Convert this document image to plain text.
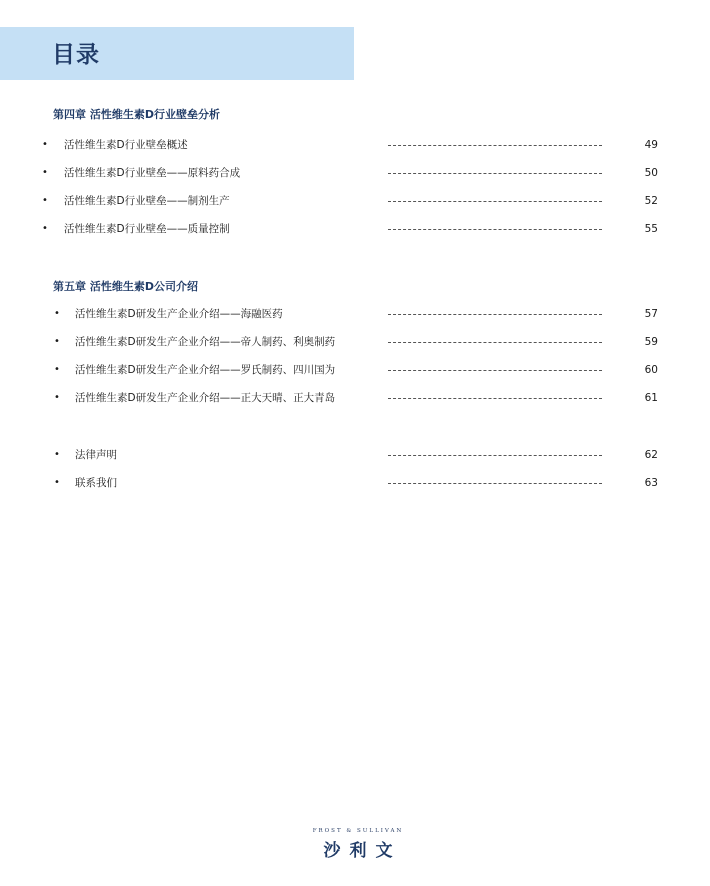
目录
第四章 活性维生素D行业壁垒分析
• 活性维生素D行业壁垒概述	49
• 活性维生素D行业壁垒——原料药合成	50
• 活性维生素D行业壁垒——制剂生产	52
• 活性维生素D行业壁垒——质量控制	55
第五章 活性维生素D公司介绍
• 活性维生素D研发生产企业介绍——海融医药	57
• 活性维生素D研发生产企业介绍——帝人制药、利奥制药	59
• 活性维生素D研发生产企业介绍——罗氏制药、四川国为	60
• 活性维生素D研发生产企业介绍——正大天晴、正大青岛	61
• 法律声明	62
• 联系我们	63
FROST & SULLIVAN
沙利文
